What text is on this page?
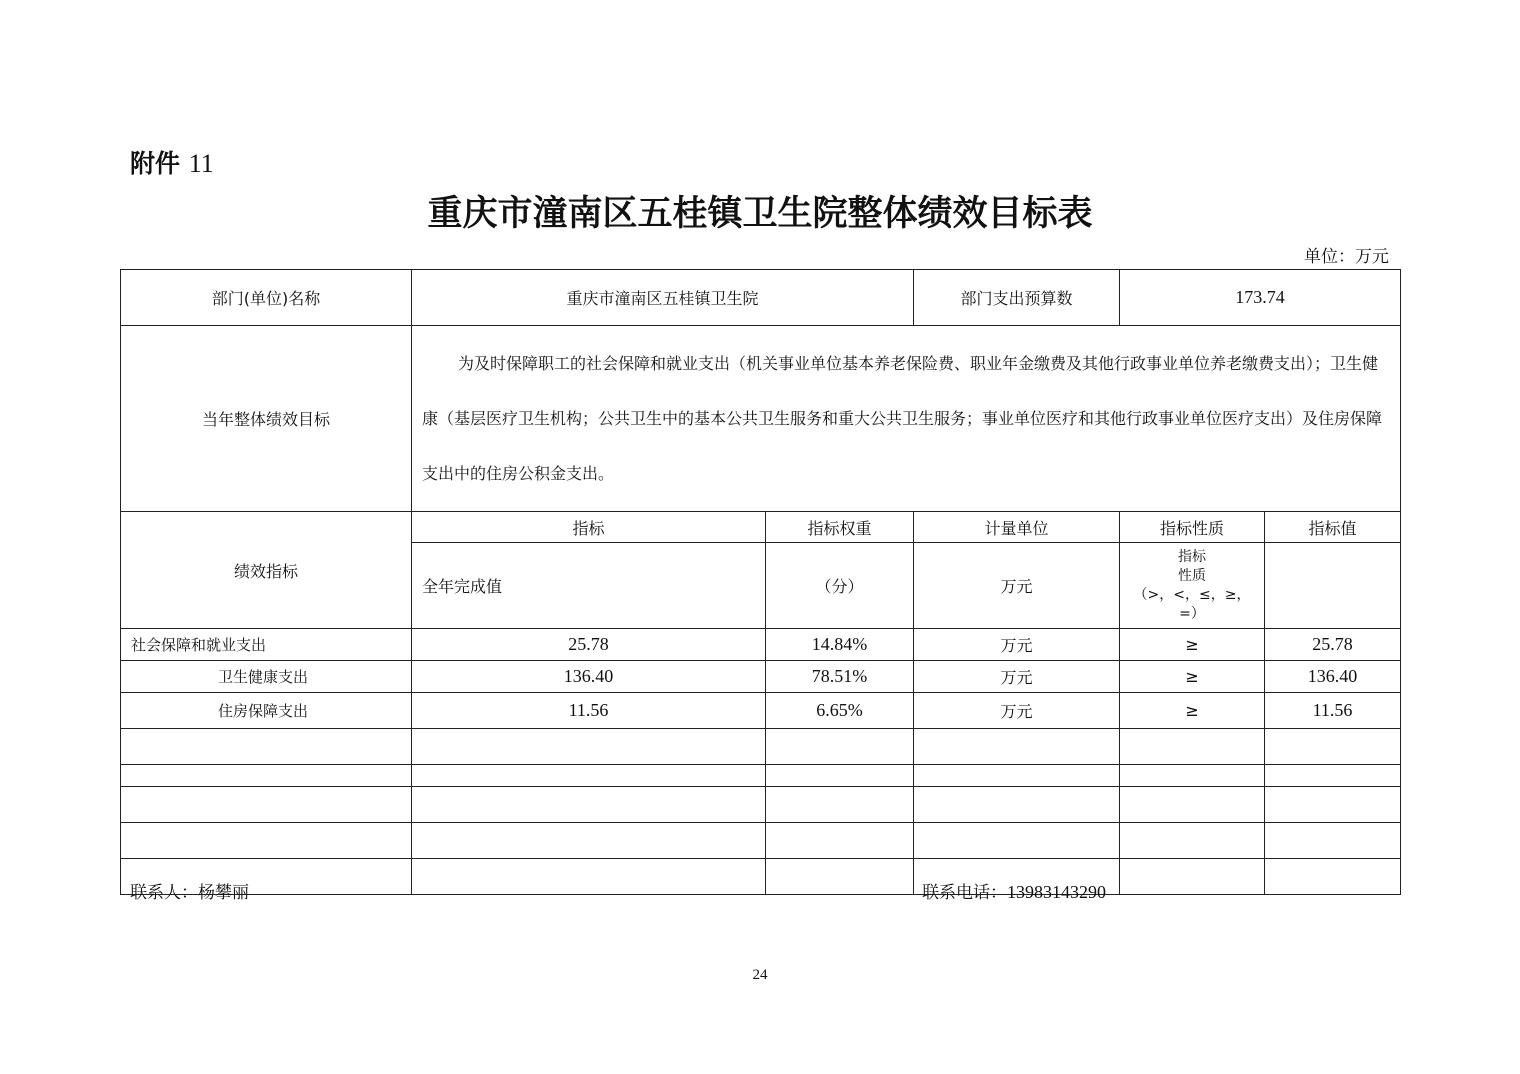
附件 11
重庆市潼南区五桂镇卫生院整体绩效目标表
单位：万元
部门(单位)名称	重庆市潼南区五桂镇卫生院		部门支出预算数	173.74	
当年整体绩效目标	为及时保障职工的社会保障和就业支出（机关事业单位基本养老保险费、职业年金缴费及其他行政事业单位养老缴费支出）；卫生健康（基层医疗卫生机构；公共卫生中的基本公共卫生服务和重大公共卫生服务；事业单位医疗和其他行政事业单位医疗支出）及住房保障支出中的住房公积金支出。				
绩效指标	指标	指标权重	计量单位	指标性质	指标值
	全年完成值	（分）	万元	指标
性质
（>，<，≤，≥，
=）	

社会保障和就业支出	25.78	14.84%	万元	≥	25.78
卫生健康支出	136.40	78.51%	万元	≥	136.40
住房保障支出	11.56	6.65%	万元	≥	11.56

联系人：杨攀丽	联系电话：13983143290
24
